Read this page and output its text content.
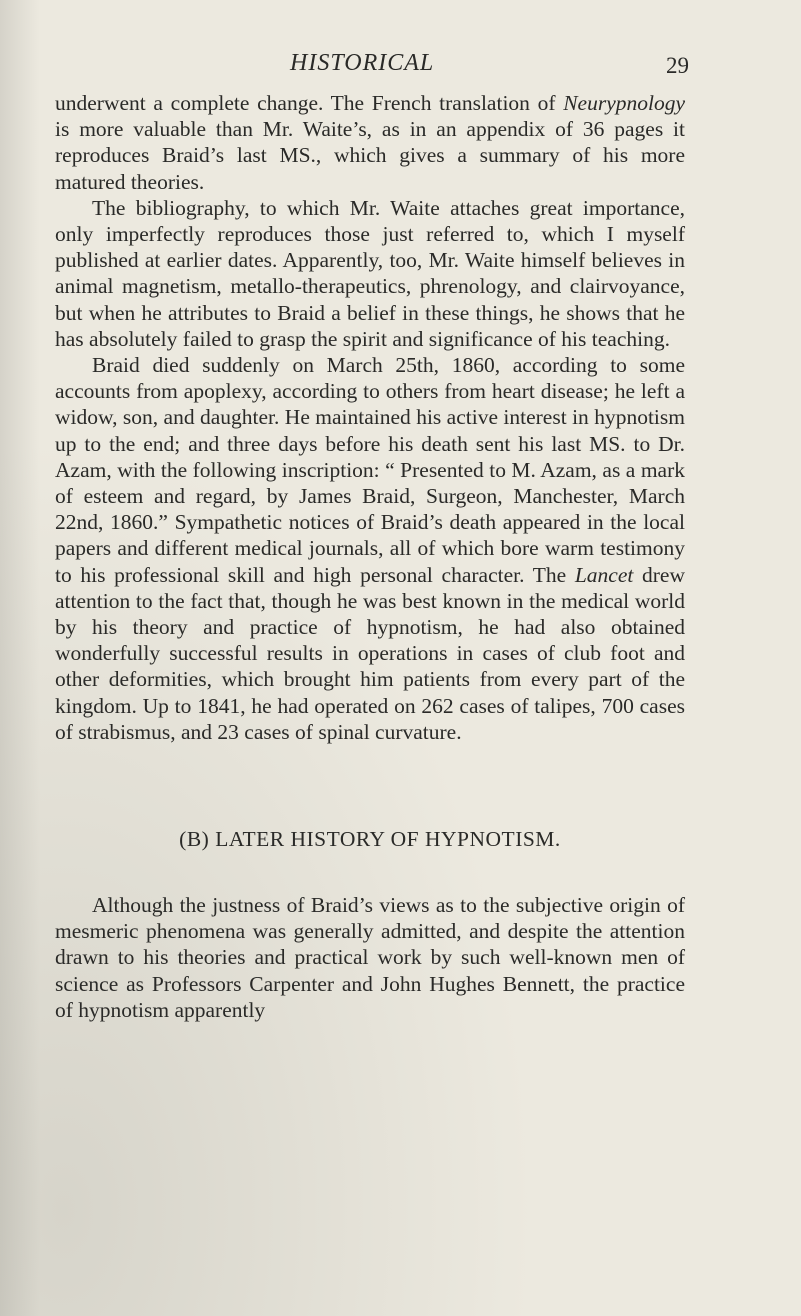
HISTORICAL	29

underwent a complete change. The French translation of Neurypnology is more valuable than Mr. Waite’s, as in an appendix of 36 pages it reproduces Braid’s last MS., which gives a summary of his more matured theories.

The bibliography, to which Mr. Waite attaches great importance, only imperfectly reproduces those just referred to, which I myself published at earlier dates. Apparently, too, Mr. Waite himself believes in animal magnetism, metallo-therapeutics, phrenology, and clairvoyance, but when he attributes to Braid a belief in these things, he shows that he has absolutely failed to grasp the spirit and significance of his teaching.

Braid died suddenly on March 25th, 1860, according to some accounts from apoplexy, according to others from heart disease; he left a widow, son, and daughter. He maintained his active interest in hypnotism up to the end; and three days before his death sent his last MS. to Dr. Azam, with the following inscription: “ Presented to M. Azam, as a mark of esteem and regard, by James Braid, Surgeon, Manchester, March 22nd, 1860.” Sympathetic notices of Braid’s death appeared in the local papers and different medical journals, all of which bore warm testimony to his professional skill and high personal character. The Lancet drew attention to the fact that, though he was best known in the medical world by his theory and practice of hypnotism, he had also obtained wonderfully successful results in operations in cases of club foot and other deformities, which brought him patients from every part of the kingdom. Up to 1841, he had operated on 262 cases of talipes, 700 cases of strabismus, and 23 cases of spinal curvature.

(B) LATER HISTORY OF HYPNOTISM.

Although the justness of Braid’s views as to the subjective origin of mesmeric phenomena was generally admitted, and despite the attention drawn to his theories and practical work by such well-known men of science as Professors Carpenter and John Hughes Bennett, the practice of hypnotism apparently
